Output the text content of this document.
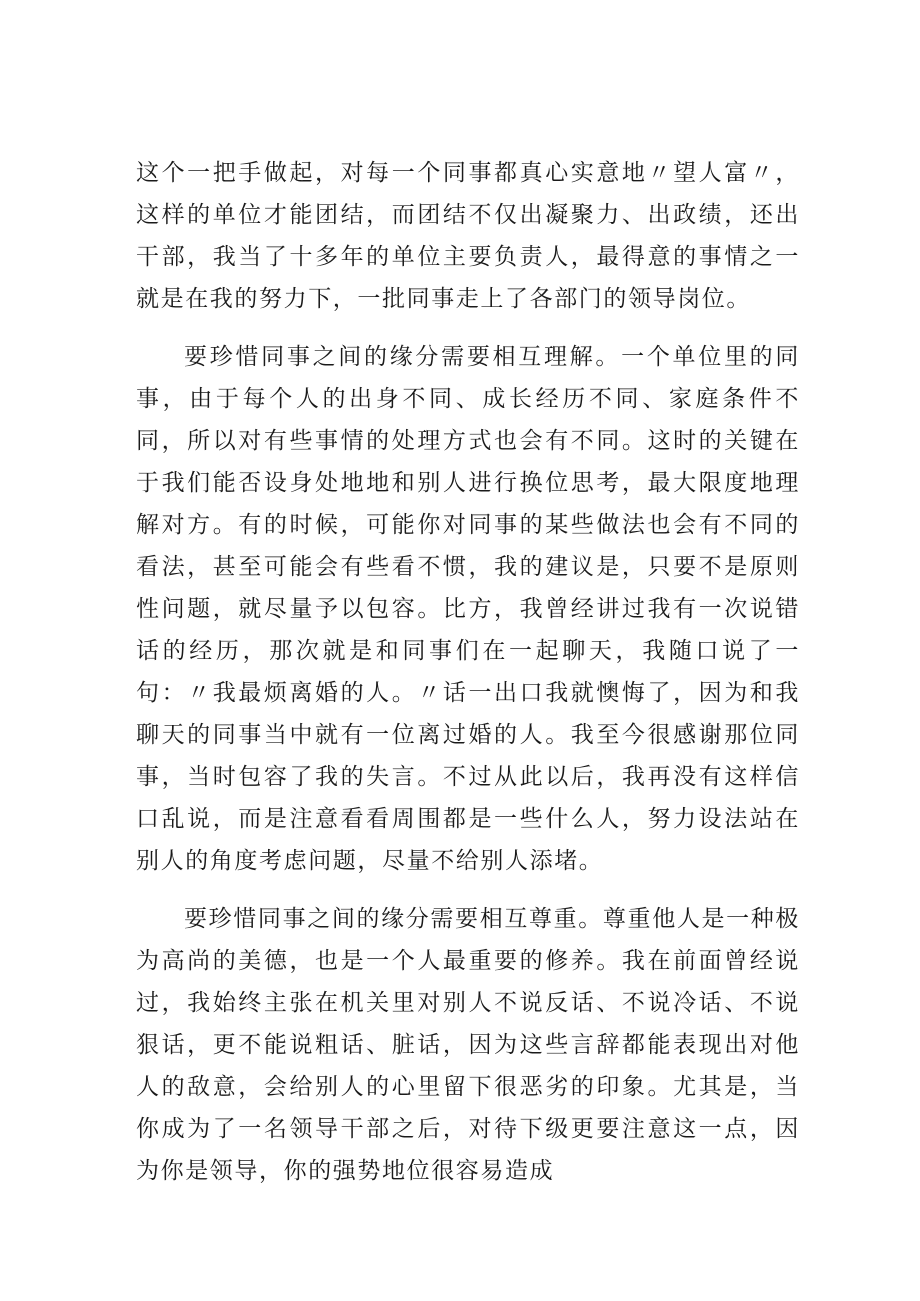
这个一把手做起，对每一个同事都真心实意地〃望人富〃，这样的单位才能团结，而团结不仅出凝聚力、出政绩，还出干部，我当了十多年的单位主要负责人，最得意的事情之一就是在我的努力下，一批同事走上了各部门的领导岗位。

要珍惜同事之间的缘分需要相互理解。一个单位里的同事，由于每个人的出身不同、成长经历不同、家庭条件不同，所以对有些事情的处理方式也会有不同。这时的关键在于我们能否设身处地地和别人进行换位思考，最大限度地理解对方。有的时候，可能你对同事的某些做法也会有不同的看法，甚至可能会有些看不惯，我的建议是，只要不是原则性问题，就尽量予以包容。比方，我曾经讲过我有一次说错话的经历，那次就是和同事们在一起聊天，我随口说了一句：〃我最烦离婚的人。〃话一出口我就懊悔了，因为和我聊天的同事当中就有一位离过婚的人。我至今很感谢那位同事，当时包容了我的失言。不过从此以后，我再没有这样信口乱说，而是注意看看周围都是一些什么人，努力设法站在别人的角度考虑问题，尽量不给别人添堵。

要珍惜同事之间的缘分需要相互尊重。尊重他人是一种极为高尚的美德，也是一个人最重要的修养。我在前面曾经说过，我始终主张在机关里对别人不说反话、不说冷话、不说狠话，更不能说粗话、脏话，因为这些言辞都能表现出对他人的敌意，会给别人的心里留下很恶劣的印象。尤其是，当你成为了一名领导干部之后，对待下级更要注意这一点，因为你是领导，你的强势地位很容易造成
